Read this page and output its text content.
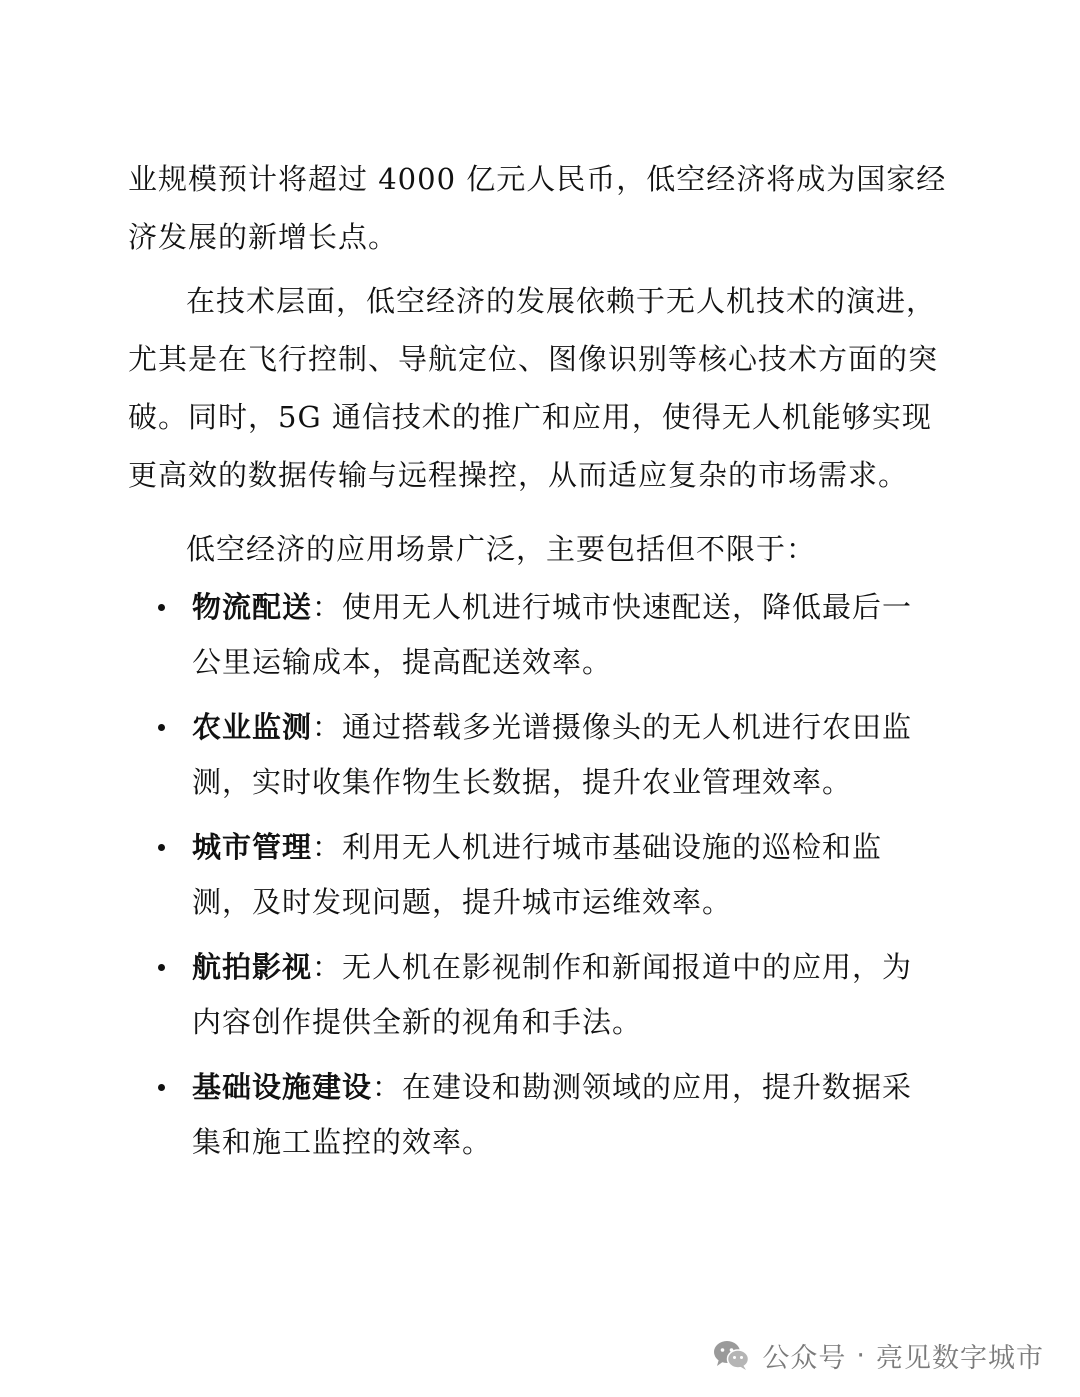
业规模预计将超过 4000 亿元人民币，低空经济将成为国家经济发展的新增长点。

在技术层面，低空经济的发展依赖于无人机技术的演进，尤其是在飞行控制、导航定位、图像识别等核心技术方面的突破。同时，5G 通信技术的推广和应用，使得无人机能够实现更高效的数据传输与远程操控，从而适应复杂的市场需求。

低空经济的应用场景广泛，主要包括但不限于：

物流配送：使用无人机进行城市快速配送，降低最后一公里运输成本，提高配送效率。
农业监测：通过搭载多光谱摄像头的无人机进行农田监测，实时收集作物生长数据，提升农业管理效率。
城市管理：利用无人机进行城市基础设施的巡检和监测，及时发现问题，提升城市运维效率。
航拍影视：无人机在影视制作和新闻报道中的应用，为内容创作提供全新的视角和手法。
基础设施建设：在建设和勘测领域的应用，提升数据采集和施工监控的效率。
公众号 · 亮见数字城市
